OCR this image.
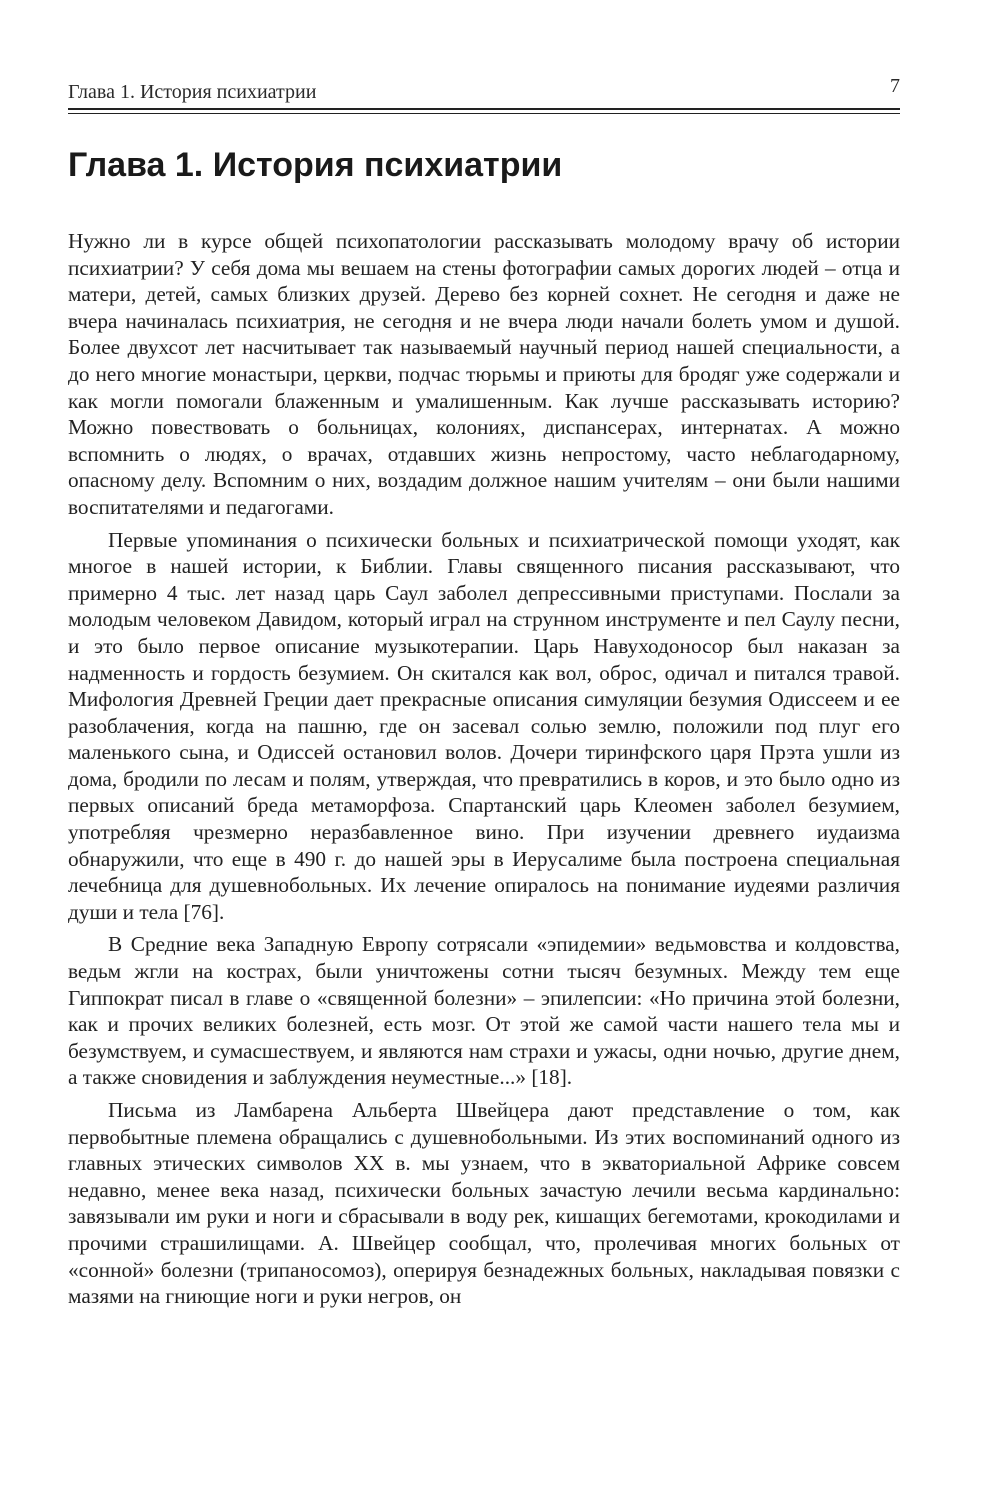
Глава 1. История психиатрии	7
Глава 1. История психиатрии

Нужно ли в курсе общей психопатологии рассказывать молодому врачу об истории психиатрии? У себя дома мы вешаем на стены фотографии самых дорогих людей – отца и матери, детей, самых близких друзей. Дерево без корней сохнет. Не сегодня и даже не вчера начиналась психиатрия, не сегодня и не вчера люди начали болеть умом и душой. Более двухсот лет насчитывает так называемый научный период нашей специальности, а до него многие монастыри, церкви, подчас тюрьмы и приюты для бродяг уже содержали и как могли помогали блаженным и умалишенным. Как лучше рассказывать историю? Можно повествовать о больницах, колониях, диспансерах, интернатах. А можно вспомнить о людях, о врачах, отдавших жизнь непростому, часто неблагодарному, опасному делу. Вспомним о них, воздадим должное нашим учителям – они были нашими воспитателями и педагогами.

Первые упоминания о психически больных и психиатрической помощи уходят, как многое в нашей истории, к Библии. Главы священного писания рассказывают, что примерно 4 тыс. лет назад царь Саул заболел депрессивными приступами. Послали за молодым человеком Давидом, который играл на струнном инструменте и пел Саулу песни, и это было первое описание музыкотерапии. Царь Навуходоносор был наказан за надменность и гордость безумием. Он скитался как вол, оброс, одичал и питался травой. Мифология Древней Греции дает прекрасные описания симуляции безумия Одиссеем и ее разоблачения, когда на пашню, где он засевал солью землю, положили под плуг его маленького сына, и Одиссей остановил волов. Дочери тиринфского царя Прэта ушли из дома, бродили по лесам и полям, утверждая, что превратились в коров, и это было одно из первых описаний бреда метаморфоза. Спартанский царь Клеомен заболел безумием, употребляя чрезмерно неразбавленное вино. При изучении древнего иудаизма обнаружили, что еще в 490 г. до нашей эры в Иерусалиме была построена специальная лечебница для душевнобольных. Их лечение опиралось на понимание иудеями различия души и тела [76].

В Средние века Западную Европу сотрясали «эпидемии» ведьмовства и колдовства, ведьм жгли на кострах, были уничтожены сотни тысяч безумных. Между тем еще Гиппократ писал в главе о «священной болезни» – эпилепсии: «Но причина этой болезни, как и прочих великих болезней, есть мозг. От этой же самой части нашего тела мы и безумствуем, и сумасшествуем, и являются нам страхи и ужасы, одни ночью, другие днем, а также сновидения и заблуждения неуместные...» [18].

Письма из Ламбарена Альберта Швейцера дают представление о том, как первобытные племена обращались с душевнобольными. Из этих воспоминаний одного из главных этических символов XX в. мы узнаем, что в экваториальной Африке совсем недавно, менее века назад, психически больных зачастую лечили весьма кардинально: завязывали им руки и ноги и сбрасывали в воду рек, кишащих бегемотами, крокодилами и прочими страшилищами. А. Швейцер сообщал, что, пролечивая многих больных от «сонной» болезни (трипаносомоз), оперируя безнадежных больных, накладывая повязки с мазями на гниющие ноги и руки негров, он
